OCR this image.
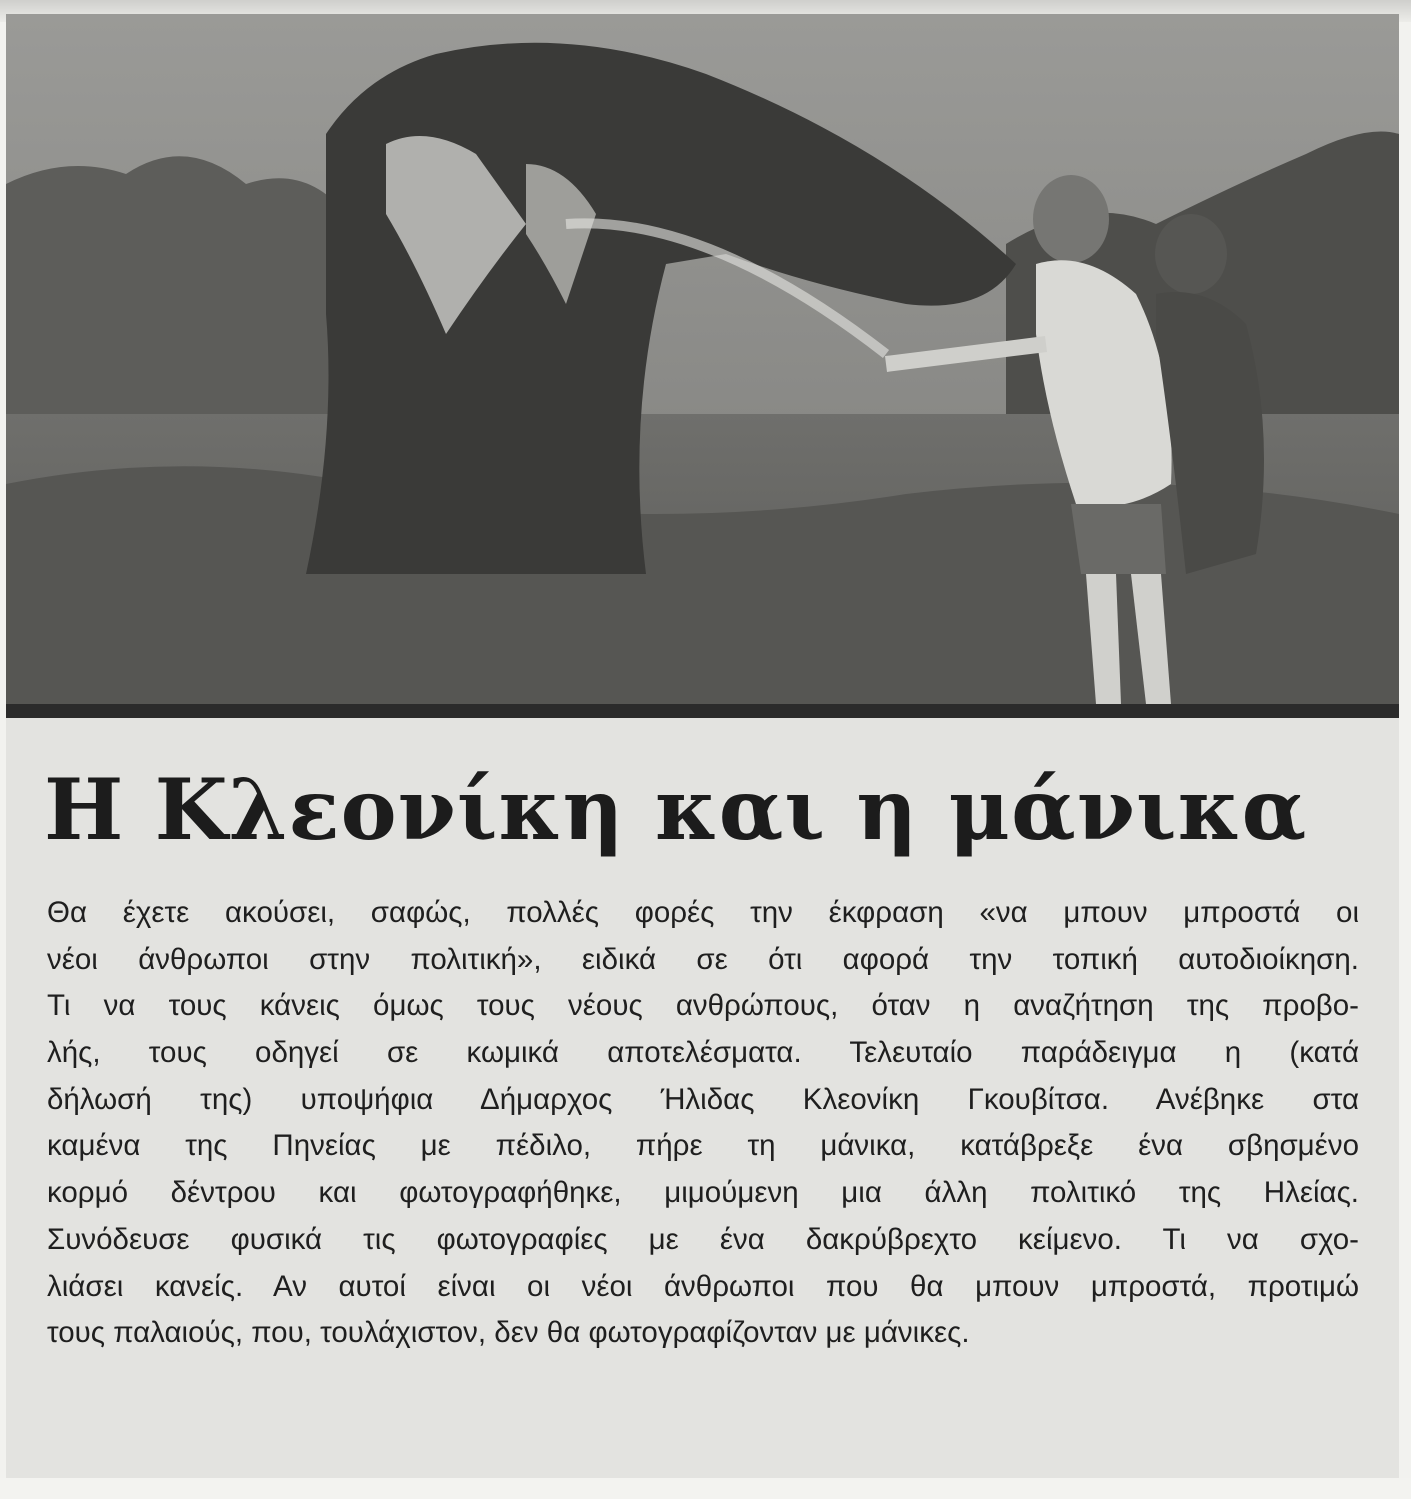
Η Κλεονίκη και η μάνικα
Θα έχετε ακούσει, σαφώς, πολλές φορές την έκφραση «να μπουν μπροστά οι
νέοι άνθρωποι στην πολιτική», ειδικά σε ότι αφορά την τοπική αυτοδιοίκηση.
Τι να τους κάνεις όμως τους νέους ανθρώπους, όταν η αναζήτηση της προβο-
λής, τους οδηγεί σε κωμικά αποτελέσματα. Τελευταίο παράδειγμα η (κατά
δήλωσή της) υποψήφια Δήμαρχος Ήλιδας Κλεονίκη Γκουβίτσα. Ανέβηκε στα
καμένα της Πηνείας με πέδιλο, πήρε τη μάνικα, κατάβρεξε ένα σβησμένο
κορμό δέντρου και φωτογραφήθηκε, μιμούμενη μια άλλη πολιτικό της Ηλείας.
Συνόδευσε φυσικά τις φωτογραφίες με ένα δακρύβρεχτο κείμενο. Τι να σχο-
λιάσει κανείς. Αν αυτοί είναι οι νέοι άνθρωποι που θα μπουν μπροστά, προτιμώ
τους παλαιούς, που, τουλάχιστον, δεν θα φωτογραφίζονταν με μάνικες.
